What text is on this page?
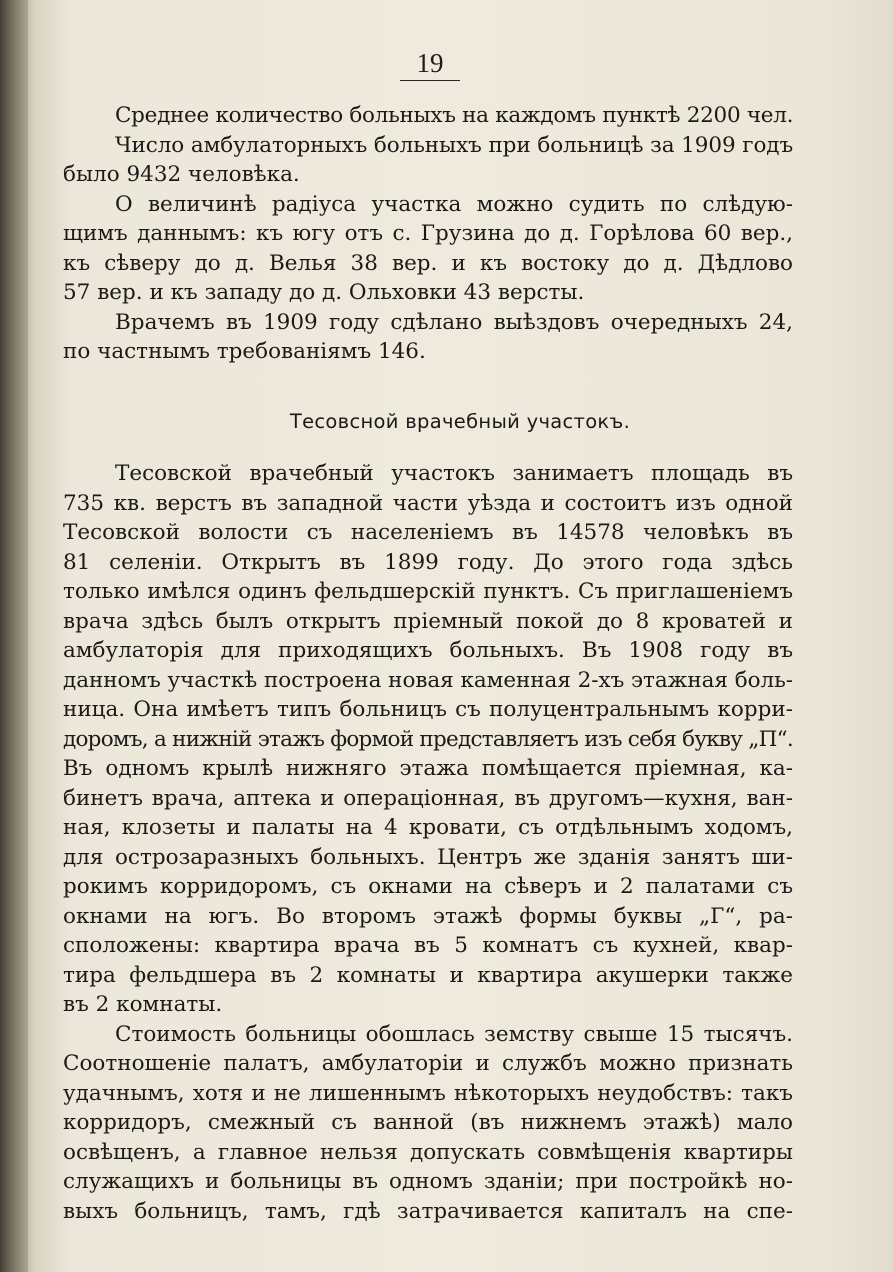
19
Среднее количество больныхъ на каждомъ пунктѣ 2200 чел.
Число амбулаторныхъ больныхъ при больницѣ за 1909 годъ
было 9432 человѣка.
О величинѣ радіуса участка можно судить по слѣдую-
щимъ даннымъ: къ югу отъ с. Грузина до д. Горѣлова 60 вер.,
къ сѣверу до д. Велья 38 вер. и къ востоку до д. Дѣдлово
57 вер. и къ западу до д. Ольховки 43 версты.
Врачемъ въ 1909 году сдѣлано выѣздовъ очередныхъ 24,
по частнымъ требованіямъ 146.
Тесовсной врачебный участокъ.
Тесовской врачебный участокъ занимаетъ площадь въ
735 кв. верстъ въ западной части уѣзда и состоитъ изъ одной
Тесовской волости съ населеніемъ въ 14578 человѣкъ въ
81 селеніи. Открытъ въ 1899 году. До этого года здѣсь
только имѣлся одинъ фельдшерскій пунктъ. Съ приглашеніемъ
врача здѣсь былъ открытъ пріемный покой до 8 кроватей и
амбулаторія для приходящихъ больныхъ. Въ 1908 году въ
данномъ участкѣ построена новая каменная 2-хъ этажная боль-
ница. Она имѣетъ типъ больницъ съ полуцентральнымъ корри-
доромъ, а нижній этажъ формой представляетъ изъ себя букву „П“.
Въ одномъ крылѣ нижняго этажа помѣщается пріемная, ка-
бинетъ врача, аптека и операціонная, въ другомъ—кухня, ван-
ная, клозеты и палаты на 4 кровати, съ отдѣльнымъ ходомъ,
для острозаразныхъ больныхъ. Центръ же зданія занятъ ши-
рокимъ корридоромъ, съ окнами на сѣверъ и 2 палатами съ
окнами на югъ. Во второмъ этажѣ формы буквы „Г“, ра-
сположены: квартира врача въ 5 комнатъ съ кухней, квар-
тира фельдшера въ 2 комнаты и квартира акушерки также
въ 2 комнаты.
Стоимость больницы обошлась земству свыше 15 тысячъ.
Соотношеніе палатъ, амбулаторіи и службъ можно признать
удачнымъ, хотя и не лишеннымъ нѣкоторыхъ неудобствъ: такъ
корридоръ, смежный съ ванной (въ нижнемъ этажѣ) мало
освѣщенъ, а главное нельзя допускать совмѣщенія квартиры
служащихъ и больницы въ одномъ зданіи; при постройкѣ но-
выхъ больницъ, тамъ, гдѣ затрачивается капиталъ на спе-
